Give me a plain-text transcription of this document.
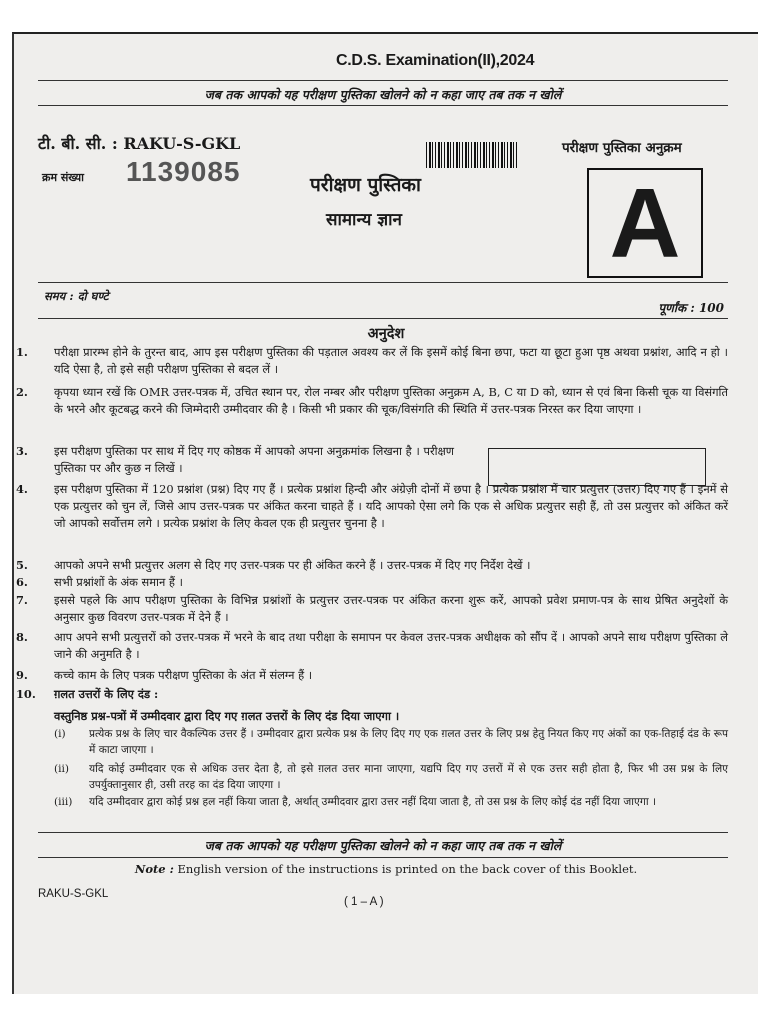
C.D.S. Examination(II),2024
जब तक आपको यह परीक्षण पुस्तिका खोलने को न कहा जाए तब तक न खोलें
टी. बी. सी. : RAKU-S-GKL
क्रम संख्या 1139085
परीक्षण पुस्तिका अनुक्रम
A
परीक्षण पुस्तिका
सामान्य ज्ञान
समय : दो घण्टे
पूर्णांक : 100
अनुदेश
1. परीक्षा प्रारम्भ होने के तुरन्त बाद, आप इस परीक्षण पुस्तिका की पड़ताल अवश्य कर लें कि इसमें कोई बिना छपा, फटा या छूटा हुआ पृष्ठ अथवा प्रश्नांश, आदि न हो । यदि ऐसा है, तो इसे सही परीक्षण पुस्तिका से बदल लें ।
2. कृपया ध्यान रखें कि OMR उत्तर-पत्रक में, उचित स्थान पर, रोल नम्बर और परीक्षण पुस्तिका अनुक्रम A, B, C या D को, ध्यान से एवं बिना किसी चूक या विसंगति के भरने और कूटबद्ध करने की जिम्मेदारी उम्मीदवार की है । किसी भी प्रकार की चूक/विसंगति की स्थिति में उत्तर-पत्रक निरस्त कर दिया जाएगा ।
3. इस परीक्षण पुस्तिका पर साथ में दिए गए कोष्ठक में आपको अपना अनुक्रमांक लिखना है । परीक्षण पुस्तिका पर और कुछ न लिखें ।
4. इस परीक्षण पुस्तिका में 120 प्रश्नांश (प्रश्न) दिए गए हैं । प्रत्येक प्रश्नांश हिन्दी और अंग्रेज़ी दोनों में छपा है । प्रत्येक प्रश्नांश में चार प्रत्युत्तर (उत्तर) दिए गए हैं । इनमें से एक प्रत्युत्तर को चुन लें, जिसे आप उत्तर-पत्रक पर अंकित करना चाहते हैं । यदि आपको ऐसा लगे कि एक से अधिक प्रत्युत्तर सही हैं, तो उस प्रत्युत्तर को अंकित करें जो आपको सर्वोत्तम लगे । प्रत्येक प्रश्नांश के लिए केवल एक ही प्रत्युत्तर चुनना है ।
5. आपको अपने सभी प्रत्युत्तर अलग से दिए गए उत्तर-पत्रक पर ही अंकित करने हैं । उत्तर-पत्रक में दिए गए निर्देश देखें ।
6. सभी प्रश्नांशों के अंक समान हैं ।
7. इससे पहले कि आप परीक्षण पुस्तिका के विभिन्न प्रश्नांशों के प्रत्युत्तर उत्तर-पत्रक पर अंकित करना शुरू करें, आपको प्रवेश प्रमाण-पत्र के साथ प्रेषित अनुदेशों के अनुसार कुछ विवरण उत्तर-पत्रक में देने हैं ।
8. आप अपने सभी प्रत्युत्तरों को उत्तर-पत्रक में भरने के बाद तथा परीक्षा के समापन पर केवल उत्तर-पत्रक अधीक्षक को सौंप दें । आपको अपने साथ परीक्षण पुस्तिका ले जाने की अनुमति है ।
9. कच्चे काम के लिए पत्रक परीक्षण पुस्तिका के अंत में संलग्न हैं ।
10. ग़लत उत्तरों के लिए दंड :
वस्तुनिष्ठ प्रश्न-पत्रों में उम्मीदवार द्वारा दिए गए ग़लत उत्तरों के लिए दंड दिया जाएगा ।
(i) प्रत्येक प्रश्न के लिए चार वैकल्पिक उत्तर हैं । उम्मीदवार द्वारा प्रत्येक प्रश्न के लिए दिए गए एक ग़लत उत्तर के लिए प्रश्न हेतु नियत किए गए अंकों का एक-तिहाई दंड के रूप में काटा जाएगा ।
(ii) यदि कोई उम्मीदवार एक से अधिक उत्तर देता है, तो इसे ग़लत उत्तर माना जाएगा, यद्यपि दिए गए उत्तरों में से एक उत्तर सही होता है, फिर भी उस प्रश्न के लिए उपर्युक्तानुसार ही, उसी तरह का दंड दिया जाएगा ।
(iii) यदि उम्मीदवार द्वारा कोई प्रश्न हल नहीं किया जाता है, अर्थात् उम्मीदवार द्वारा उत्तर नहीं दिया जाता है, तो उस प्रश्न के लिए कोई दंड नहीं दिया जाएगा ।
जब तक आपको यह परीक्षण पुस्तिका खोलने को न कहा जाए तब तक न खोलें
Note : English version of the instructions is printed on the back cover of this Booklet.
RAKU-S-GKL
( 1 – A )
